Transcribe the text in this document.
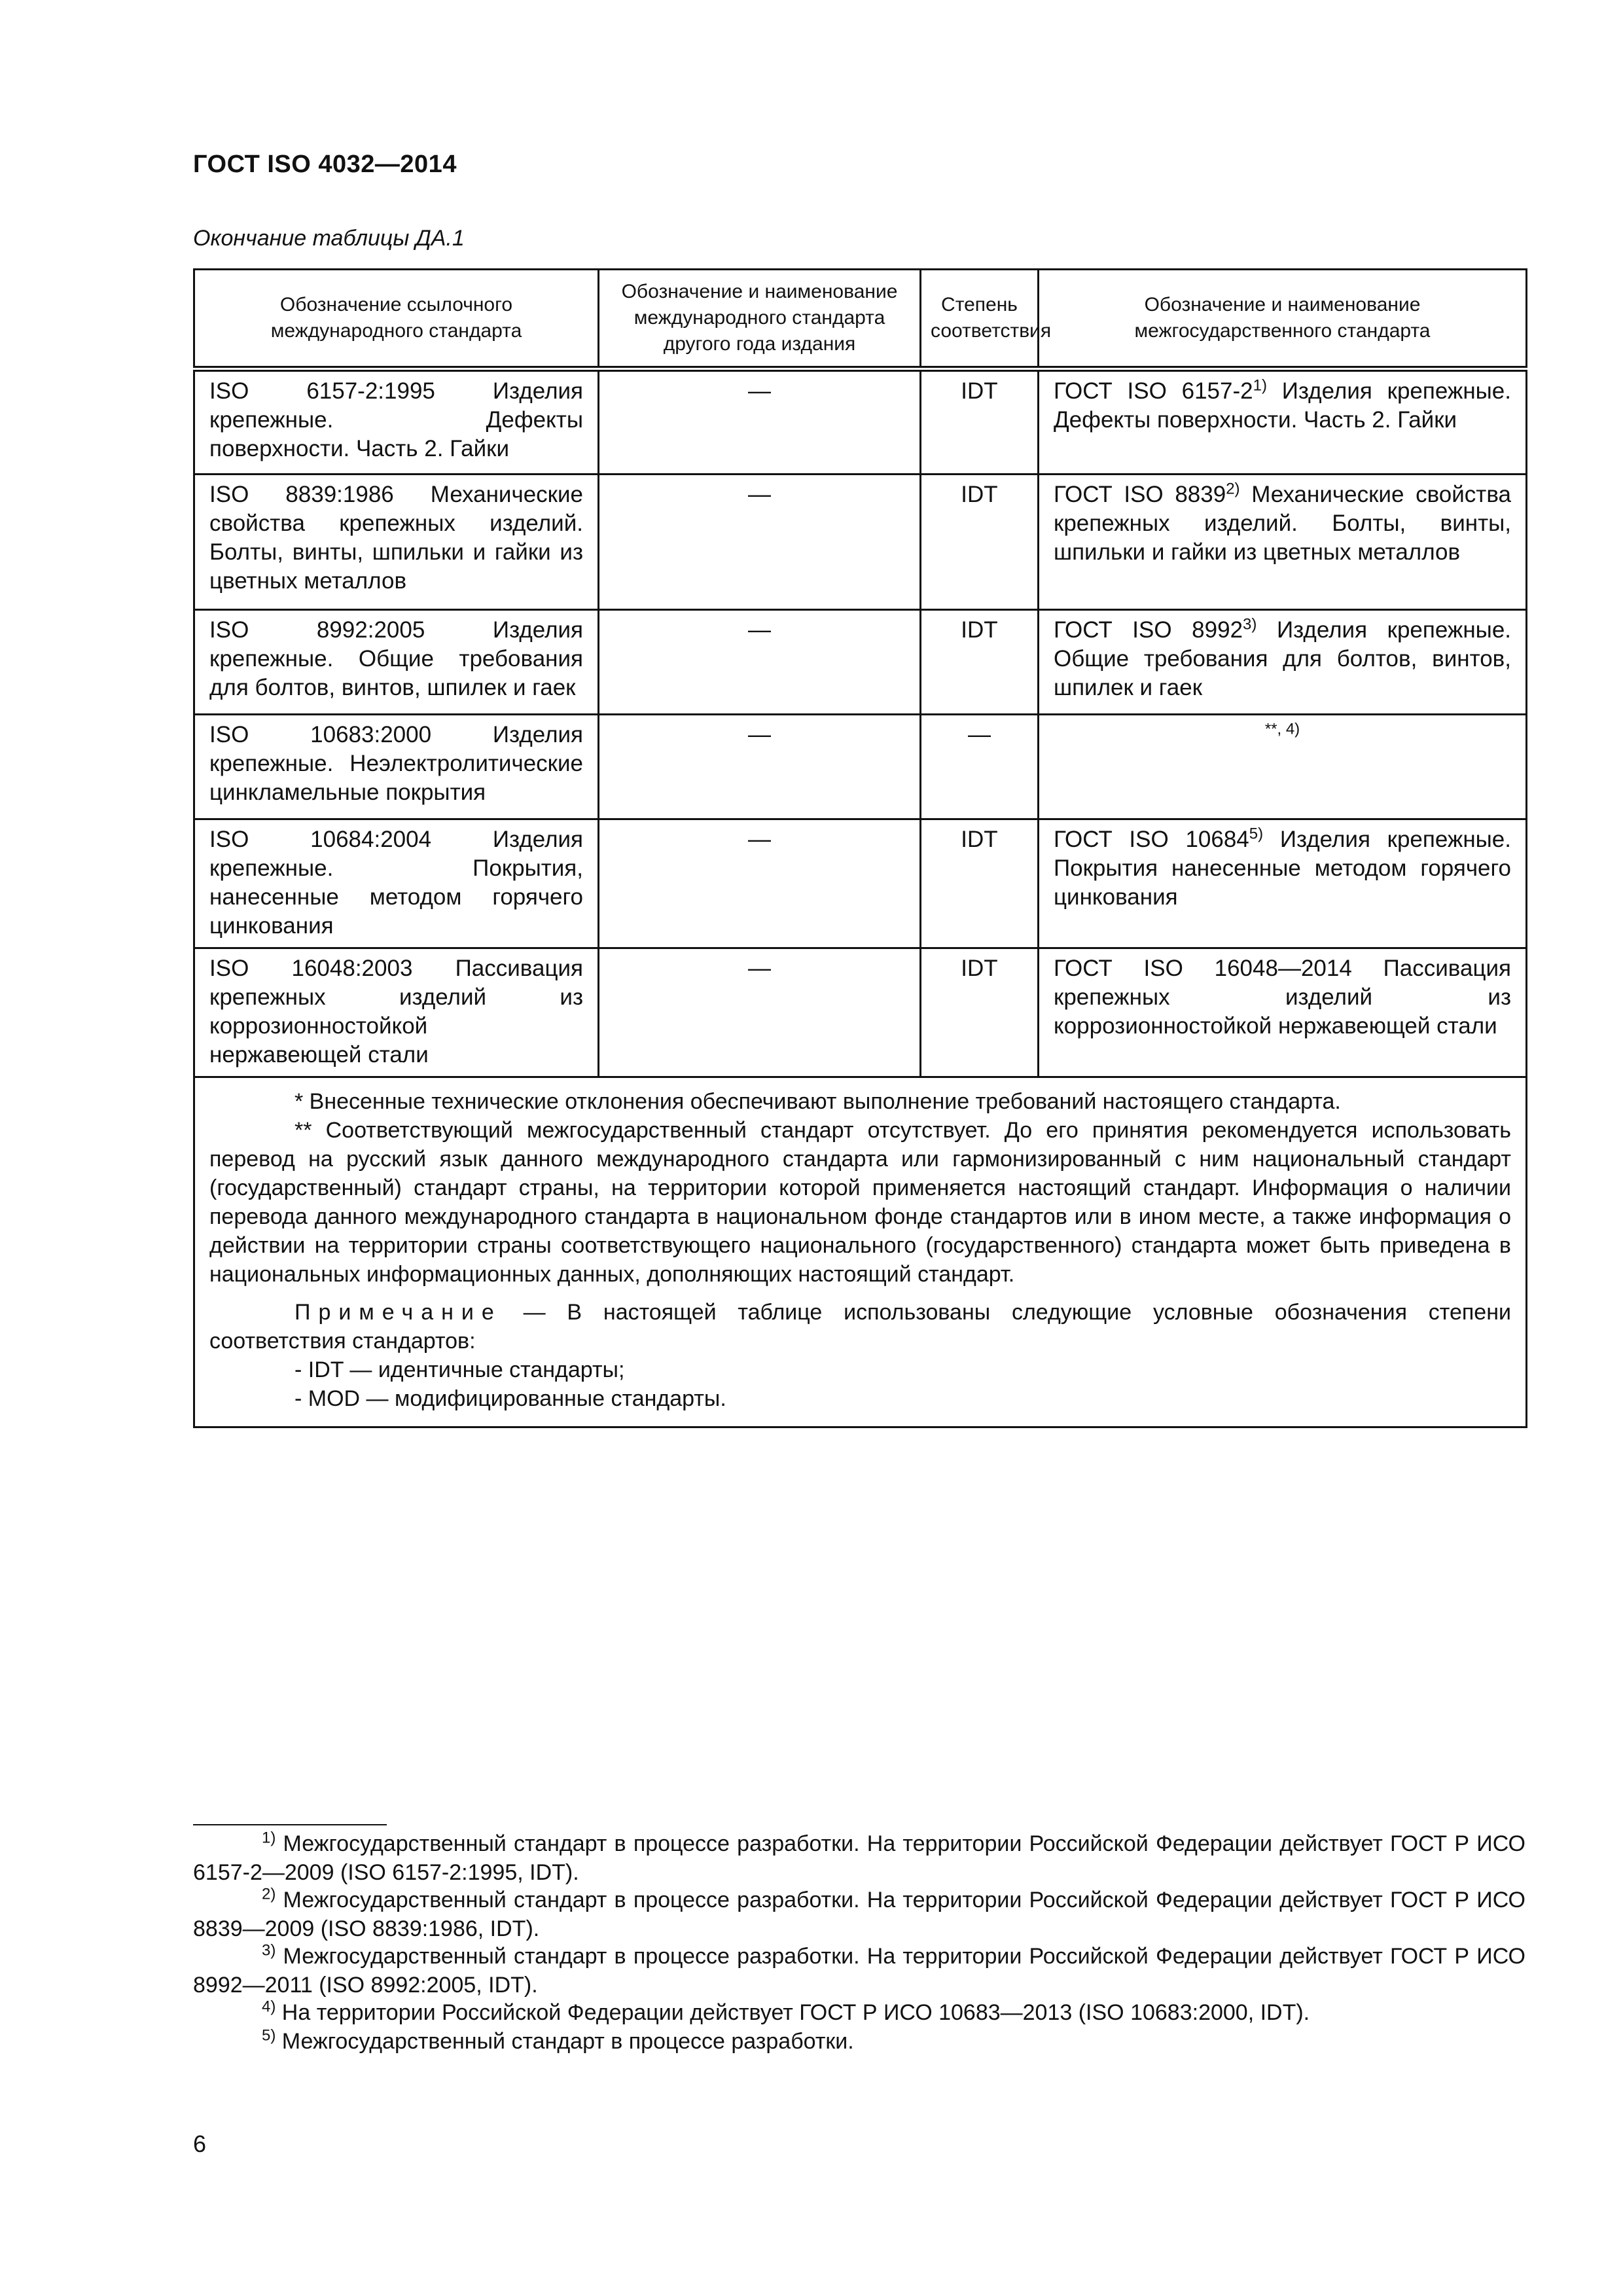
ГОСТ ISO 4032—2014
Окончание таблицы ДА.1
Обозначение ссылочного международного стандарта	Обозначение и наименование международного стандарта другого года издания	Степень соответствия	Обозначение и наименование межгосударственного стандарта
ISO 6157-2:1995 Изделия крепежные. Дефекты поверхности. Часть 2. Гайки	—	IDT	ГОСТ ISO 6157-2$^{1)}$ Изделия крепежные. Дефекты поверхности. Часть 2. Гайки
ISO 8839:1986 Механические свойства крепежных изделий. Болты, винты, шпильки и гайки из цветных металлов	—	IDT	ГОСТ ISO 8839$^{2)}$ Механические свойства крепежных изделий. Болты, винты, шпильки и гайки из цветных металлов
ISO 8992:2005 Изделия крепежные. Общие требования для болтов, винтов, шпилек и гаек	—	IDT	ГОСТ ISO 8992$^{3)}$ Изделия крепежные. Общие требования для болтов, винтов, шпилек и гаек
ISO 10683:2000 Изделия крепежные. Неэлектролитические цинкламельные покрытия	—	—	$^{**, 4)}$
ISO 10684:2004 Изделия крепежные. Покрытия, нанесенные методом горячего цинкования	—	IDT	ГОСТ ISO 10684$^{5)}$ Изделия крепежные. Покрытия нанесенные методом горячего цинкования
ISO 16048:2003 Пассивация крепежных изделий из коррозионностойкой нержавеющей стали	—	IDT	ГОСТ ISO 16048—2014 Пассивация крепежных изделий из коррозионностойкой нержавеющей стали

* Внесенные технические отклонения обеспечивают выполнение требований настоящего стандарта.

** Соответствующий межгосударственный стандарт отсутствует. До его принятия рекомендуется использовать перевод на русский язык данного международного стандарта или гармонизированный с ним национальный стандарт (государственный) стандарт страны, на территории которой применяется настоящий стандарт. Информация о наличии перевода данного международного стандарта в национальном фонде стандартов или в ином месте, а также информация о действии на территории страны соответствующего национального (государственного) стандарта может быть приведена в национальных информационных данных, дополняющих настоящий стандарт.

Примечание — В настоящей таблице использованы следующие условные обозначения степени соответствия стандартов:

- IDT — идентичные стандарты;

- MOD — модифицированные стандарты.			

$^{1)}$ Межгосударственный стандарт в процессе разработки. На территории Российской Федерации действует ГОСТ Р ИСО 6157-2—2009 (ISO 6157-2:1995, IDT).
$^{2)}$ Межгосударственный стандарт в процессе разработки. На территории Российской Федерации действует ГОСТ Р ИСО 8839—2009 (ISO 8839:1986, IDT).
$^{3)}$ Межгосударственный стандарт в процессе разработки. На территории Российской Федерации действует ГОСТ Р ИСО 8992—2011 (ISO 8992:2005, IDT).
$^{4)}$ На территории Российской Федерации действует ГОСТ Р ИСО 10683—2013 (ISO 10683:2000, IDT).
$^{5)}$ Межгосударственный стандарт в процессе разработки.
6
